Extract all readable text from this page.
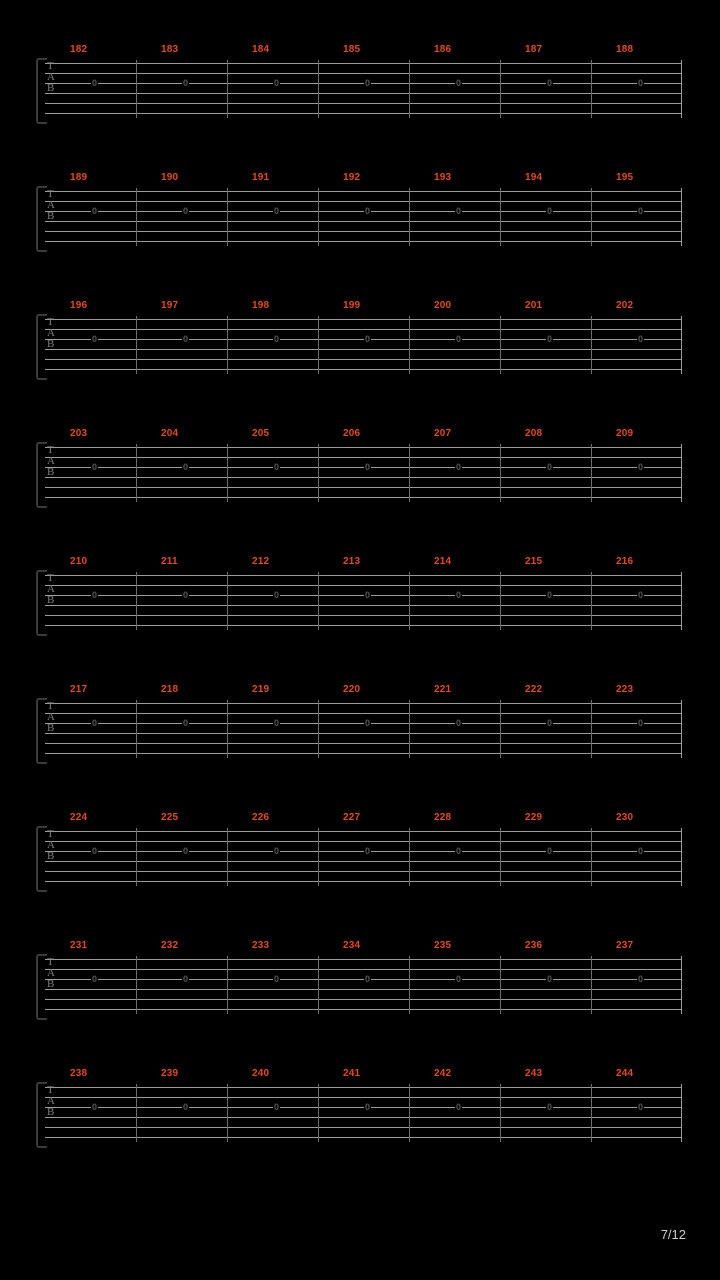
182	183	184	185	186	187	188
T
A
B	0	0	0	0	0	0	0
189	190	191	192	193	194	195
T
A
B	0	0	0	0	0	0	0
196	197	198	199	200	201	202
T
A
B	0	0	0	0	0	0	0
203	204	205	206	207	208	209
T
A
B	0	0	0	0	0	0	0
210	211	212	213	214	215	216
T
A
B	0	0	0	0	0	0	0
217	218	219	220	221	222	223
T
A
B	0	0	0	0	0	0	0
224	225	226	227	228	229	230
T
A
B	0	0	0	0	0	0	0
231	232	233	234	235	236	237
T
A
B	0	0	0	0	0	0	0
238	239	240	241	242	243	244
T
A
B	0	0	0	0	0	0	0
7/12
